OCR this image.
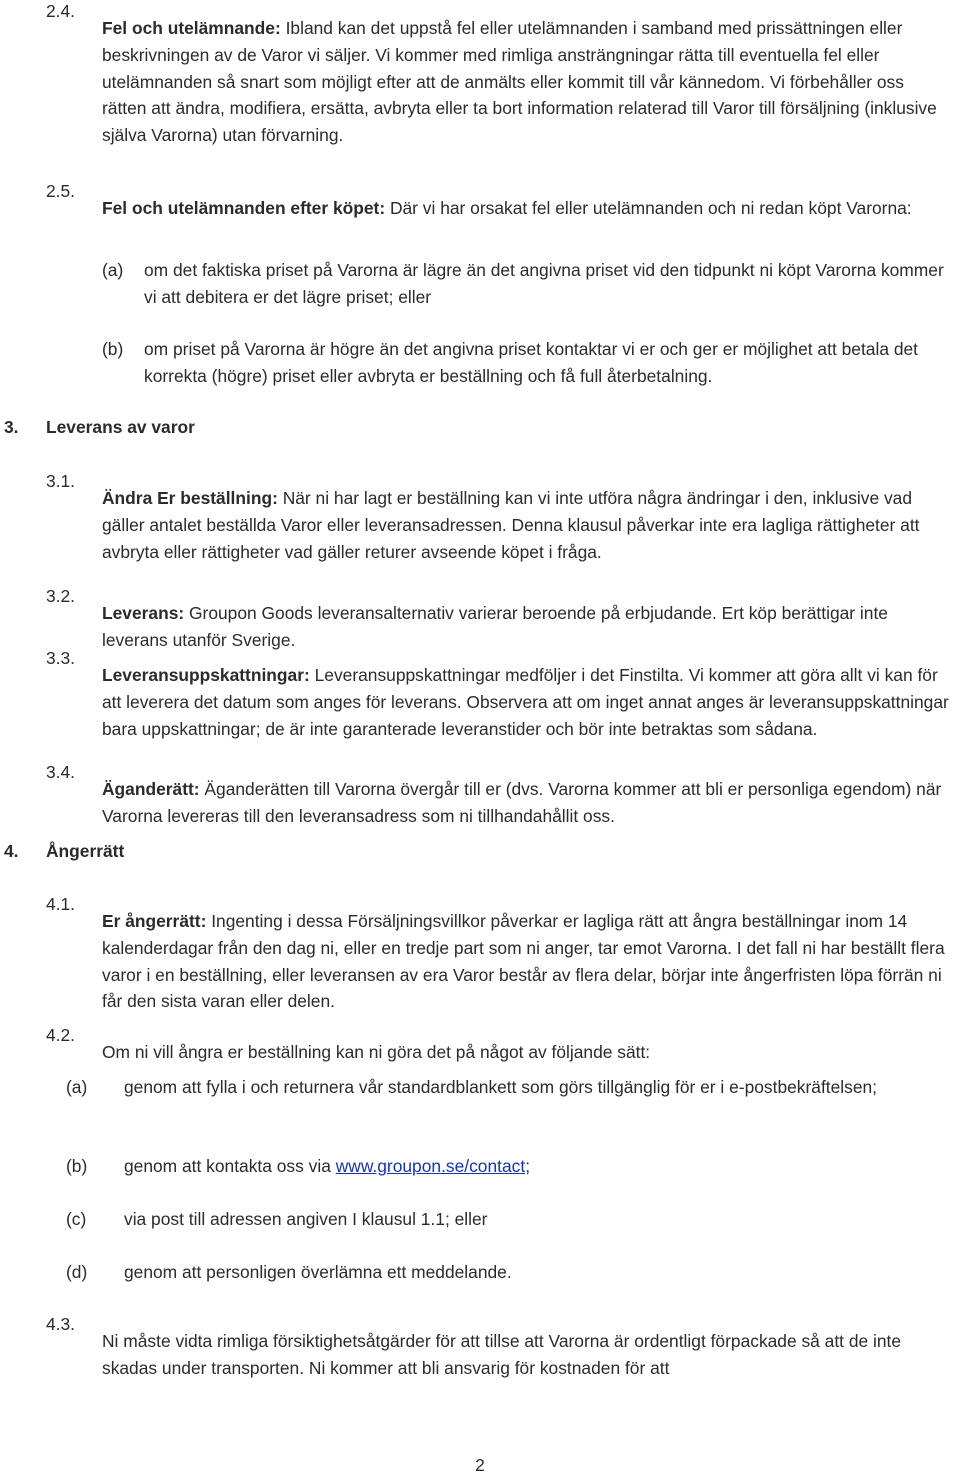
2.4.

Fel och utelämnande: Ibland kan det uppstå fel eller utelämnanden i samband med prissättningen eller beskrivningen av de Varor vi säljer. Vi kommer med rimliga ansträngningar rätta till eventuella fel eller utelämnanden så snart som möjligt efter att de anmälts eller kommit till vår kännedom. Vi förbehåller oss rätten att ändra, modifiera, ersätta, avbryta eller ta bort information relaterad till Varor till försäljning (inklusive själva Varorna) utan förvarning.

2.5.

Fel och utelämnanden efter köpet: Där vi har orsakat fel eller utelämnanden och ni redan köpt Varorna:

(a) om det faktiska priset på Varorna är lägre än det angivna priset vid den tidpunkt ni köpt Varorna kommer vi att debitera er det lägre priset; eller

(b) om priset på Varorna är högre än det angivna priset kontaktar vi er och ger er möjlighet att betala det korrekta (högre) priset eller avbryta er beställning och få full återbetalning.

3. Leverans av varor
3.1.

Ändra Er beställning: När ni har lagt er beställning kan vi inte utföra några ändringar i den, inklusive vad gäller antalet beställda Varor eller leveransadressen. Denna klausul påverkar inte era lagliga rättigheter att avbryta eller rättigheter vad gäller returer avseende köpet i fråga.

3.2.

Leverans: Groupon Goods leveransalternativ varierar beroende på erbjudande. Ert köp berättigar inte leverans utanför Sverige.

3.3.

Leveransuppskattningar: Leveransuppskattningar medföljer i det Finstilta. Vi kommer att göra allt vi kan för att leverera det datum som anges för leverans. Observera att om inget annat anges är leveransuppskattningar bara uppskattningar; de är inte garanterade leveranstider och bör inte betraktas som sådana.

3.4.

Äganderätt: Äganderätten till Varorna övergår till er (dvs. Varorna kommer att bli er personliga egendom) när Varorna levereras till den leveransadress som ni tillhandahållit oss.

4. Ångerrätt
4.1.

Er ångerrätt: Ingenting i dessa Försäljningsvillkor påverkar er lagliga rätt att ångra beställningar inom 14 kalenderdagar från den dag ni, eller en tredje part som ni anger, tar emot Varorna. I det fall ni har beställt flera varor i en beställning, eller leveransen av era Varor består av flera delar, börjar inte ångerfristen löpa förrän ni får den sista varan eller delen.

4.2.

Om ni vill ångra er beställning kan ni göra det på något av följande sätt:

(a) genom att fylla i och returnera vår standardblankett som görs tillgänglig för er i e-postbekräftelsen;

(b) genom att kontakta oss via www.groupon.se/contact;

(c) via post till adressen angiven I klausul 1.1; eller

(d) genom att personligen överlämna ett meddelande.

4.3.

Ni måste vidta rimliga försiktighetsåtgärder för att tillse att Varorna är ordentligt förpackade så att de inte skadas under transporten. Ni kommer att bli ansvarig för kostnaden för att

2
